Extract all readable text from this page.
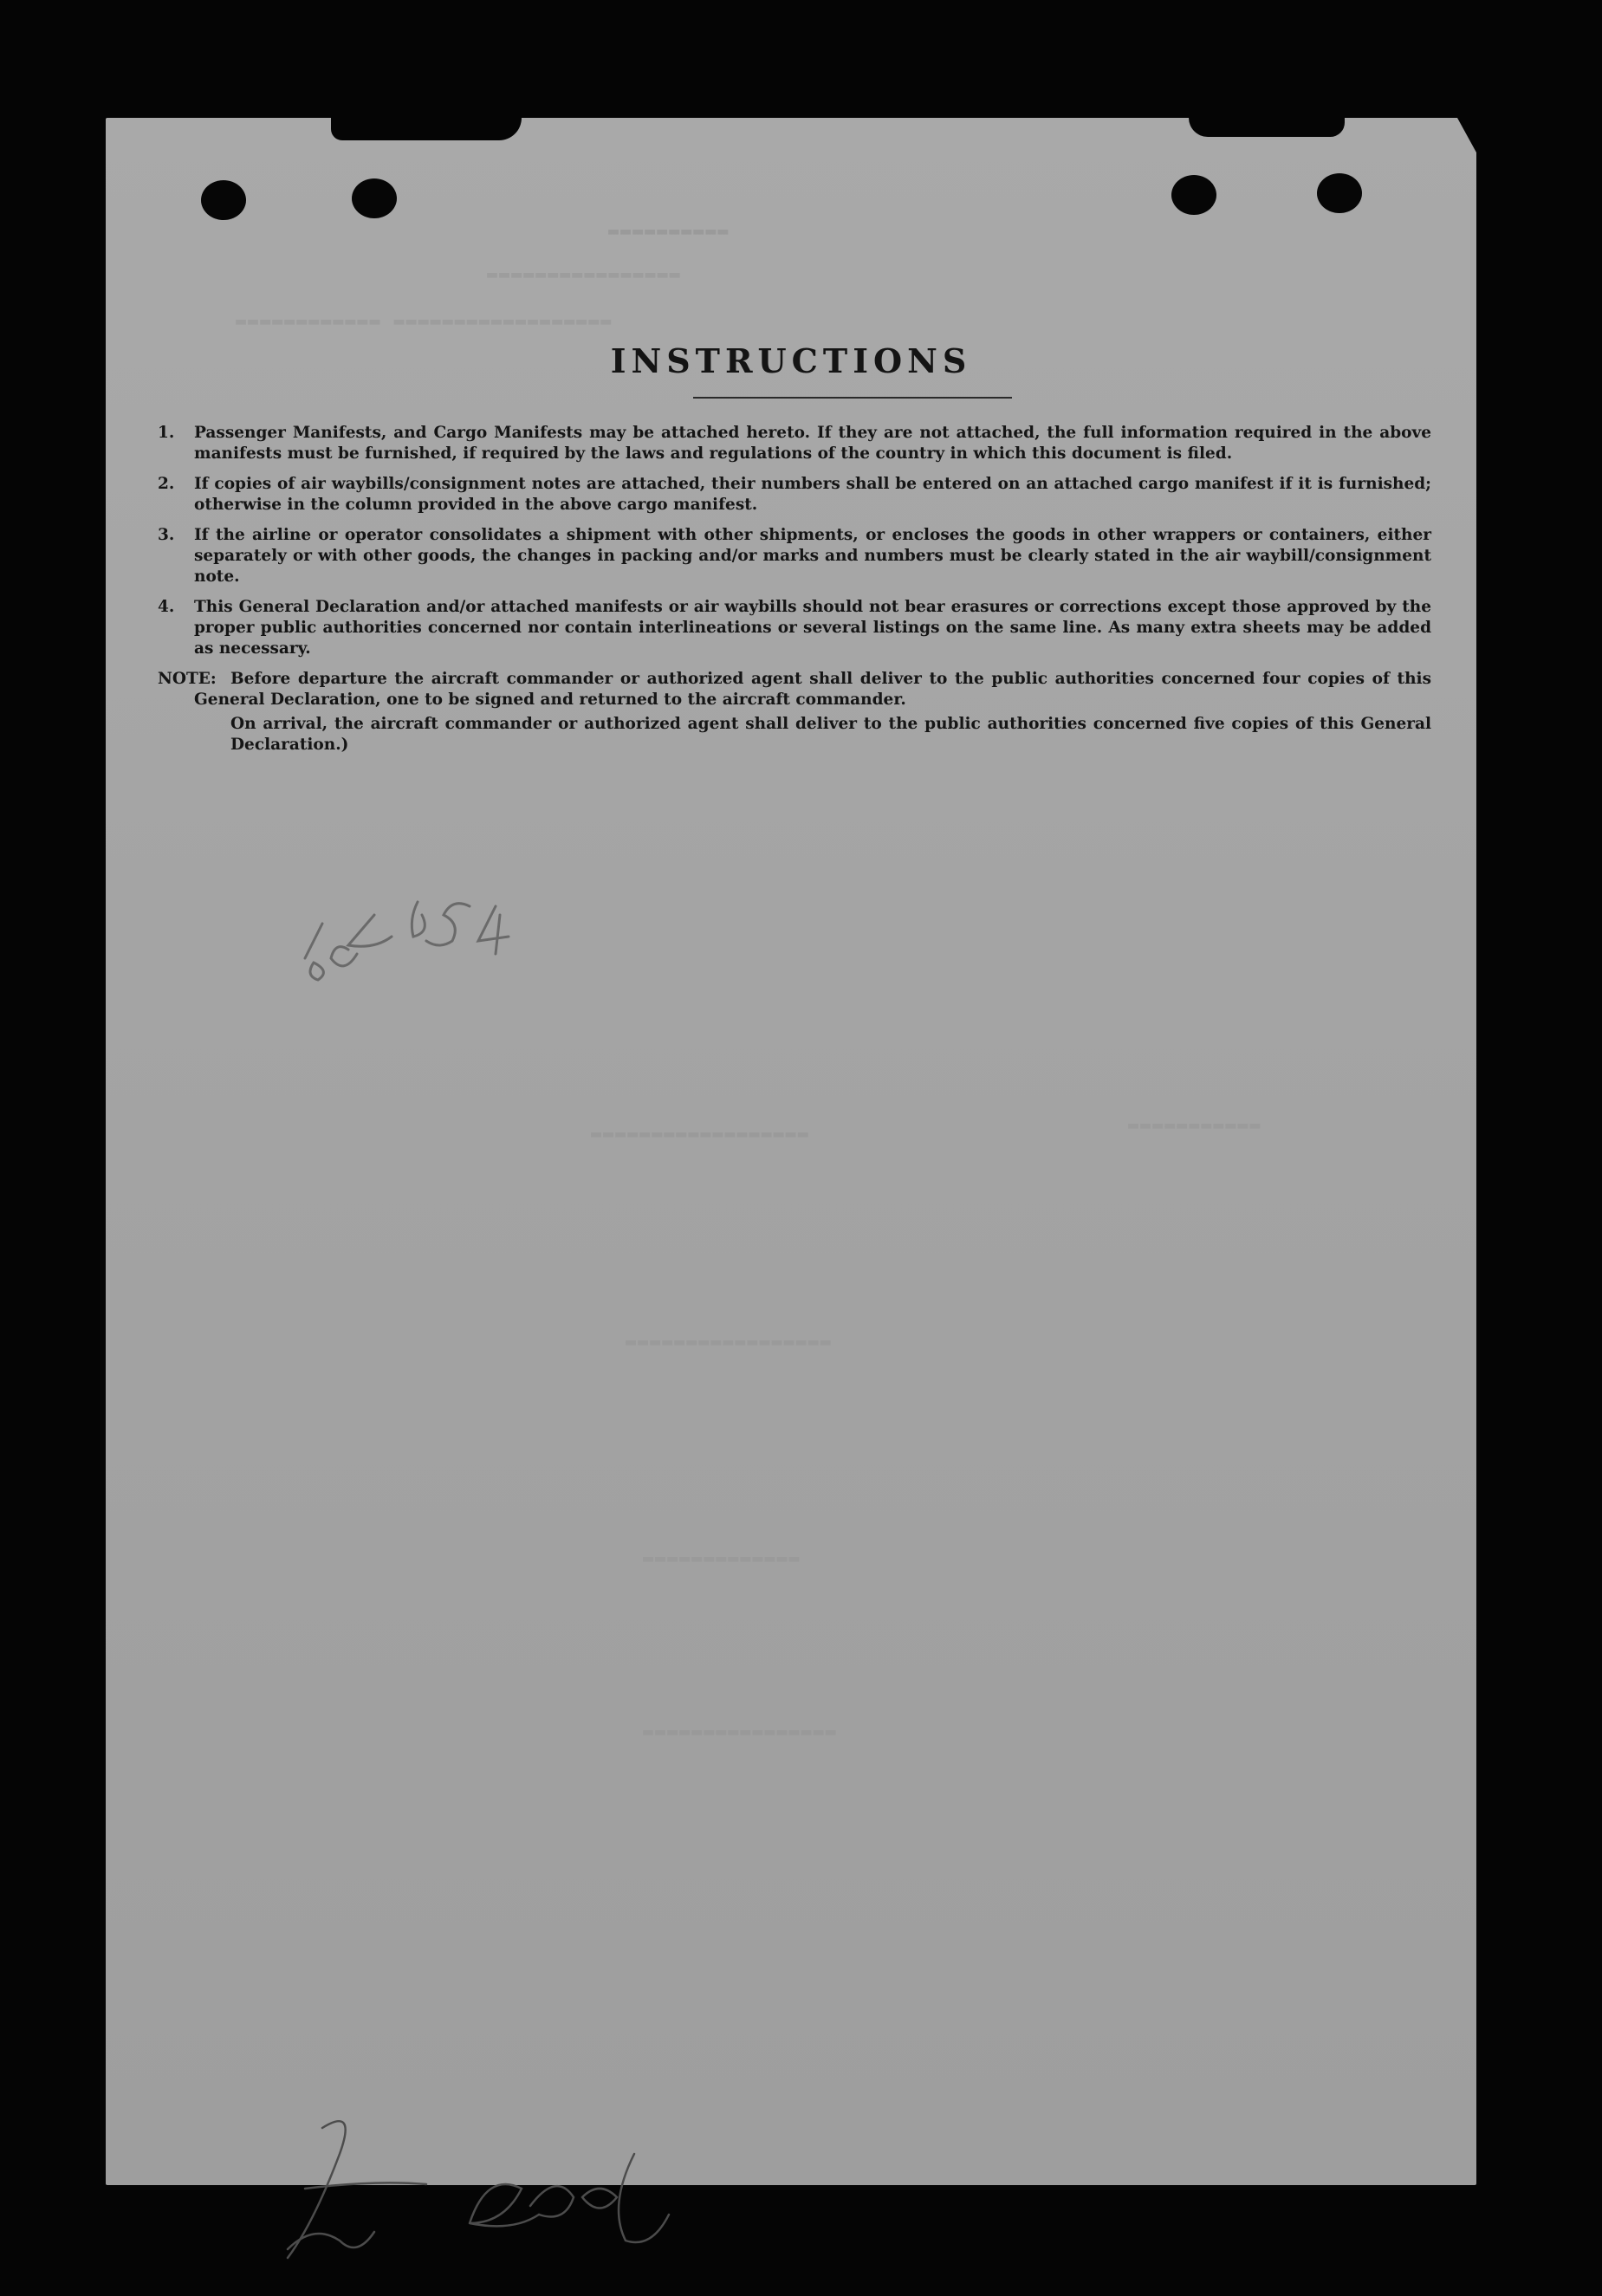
▬▬▬▬▬▬▬▬▬▬
▬▬▬▬▬▬▬▬▬▬▬▬▬▬▬▬
▬▬▬▬▬▬▬▬▬▬▬▬ ▬▬▬▬▬▬▬▬▬▬▬▬▬▬▬▬▬▬
▬▬▬▬▬▬▬▬▬▬▬
▬▬▬▬▬▬▬▬▬▬▬▬▬▬▬▬▬▬
▬▬▬▬▬▬▬▬▬▬▬▬▬▬▬▬▬
▬▬▬▬▬▬▬▬▬▬▬▬▬
▬▬▬▬▬▬▬▬▬▬▬▬▬▬▬▬
INSTRUCTIONS
1.	Passenger Manifests, and Cargo Manifests may be attached hereto. If they are not attached, the full information required in the above manifests must be furnished, if required by the laws and regulations of the country in which this document is filed.
2.	If copies of air waybills/consignment notes are attached, their numbers shall be entered on an attached cargo manifest if it is furnished; otherwise in the column provided in the above cargo manifest.
3.	If the airline or operator consolidates a shipment with other shipments, or encloses the goods in other wrappers or containers, either separately or with other goods, the changes in packing and/or marks and numbers must be clearly stated in the air waybill/consignment note.
4.	This General Declaration and/or attached manifests or air waybills should not bear erasures or corrections except those approved by the proper public authorities concerned nor contain interlineations or several listings on the same line. As many extra sheets may be added as necessary.
NOTE: Before departure the aircraft commander or authorized agent shall deliver to the public authorities concerned four copies of this General Declaration, one to be signed and returned to the aircraft commander.

On arrival, the aircraft commander or authorized agent shall deliver to the public authorities concerned five copies of this General Declaration.)
